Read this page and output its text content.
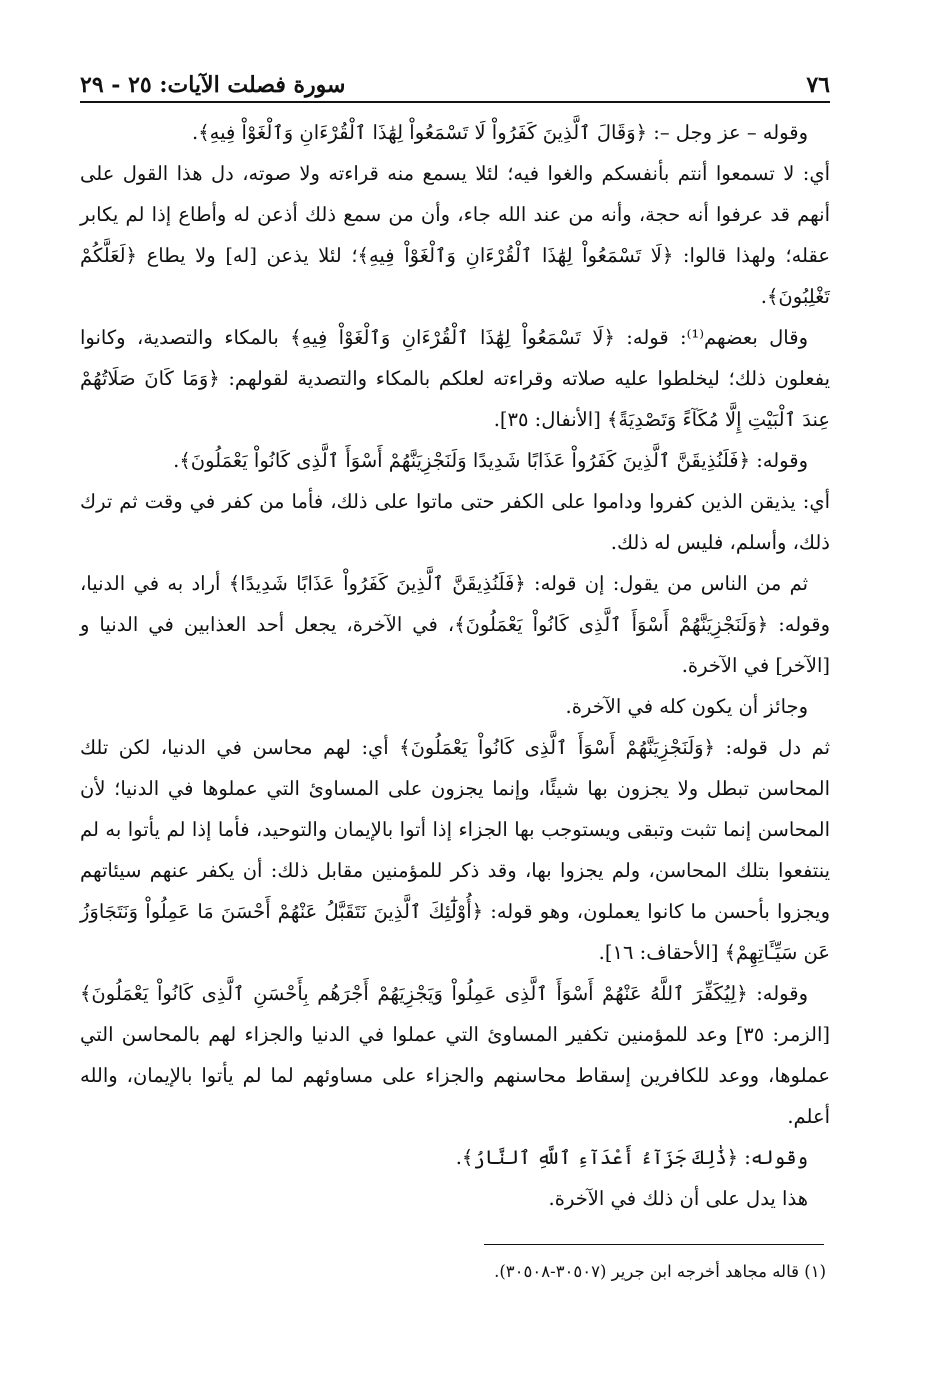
٧٦
سورة فصلت الآيات: ٢٥ - ٢٩

وقوله – عز وجل –: ﴿وَقَالَ ٱلَّذِينَ كَفَرُواْ لَا تَسْمَعُواْ لِهَٰذَا ٱلْقُرْءَانِ وَٱلْغَوْاْ فِيهِ﴾.

أي: لا تسمعوا أنتم بأنفسكم والغوا فيه؛ لئلا يسمع منه قراءته ولا صوته، دل هذا القول على أنهم قد عرفوا أنه حجة، وأنه من عند الله جاء، وأن من سمع ذلك أذعن له وأطاع إذا لم يكابر عقله؛ ولهذا قالوا: ﴿لَا تَسْمَعُواْ لِهَٰذَا ٱلْقُرْءَانِ وَٱلْغَوْاْ فِيهِ﴾؛ لئلا يذعن [له] ولا يطاع ﴿لَعَلَّكُمْ تَغْلِبُونَ﴾.

وقال بعضهم⁽¹⁾: قوله: ﴿لَا تَسْمَعُواْ لِهَٰذَا ٱلْقُرْءَانِ وَٱلْغَوْاْ فِيهِ﴾ بالمكاء والتصدية، وكانوا يفعلون ذلك؛ ليخلطوا عليه صلاته وقراءته لعلكم بالمكاء والتصدية لقولهم: ﴿وَمَا كَانَ صَلَاتُهُمْ عِندَ ٱلْبَيْتِ إِلَّا مُكَآءً وَتَصْدِيَةً﴾ [الأنفال: ٣٥].

وقوله: ﴿فَلَنُذِيقَنَّ ٱلَّذِينَ كَفَرُواْ عَذَابًا شَدِيدًا وَلَنَجْزِيَنَّهُمْ أَسْوَأَ ٱلَّذِى كَانُواْ يَعْمَلُونَ﴾.

أي: يذيقن الذين كفروا وداموا على الكفر حتى ماتوا على ذلك، فأما من كفر في وقت ثم ترك ذلك، وأسلم، فليس له ذلك.

ثم من الناس من يقول: إن قوله: ﴿فَلَنُذِيقَنَّ ٱلَّذِينَ كَفَرُواْ عَذَابًا شَدِيدًا﴾ أراد به في الدنيا، وقوله: ﴿وَلَنَجْزِيَنَّهُمْ أَسْوَأَ ٱلَّذِى كَانُواْ يَعْمَلُونَ﴾، في الآخرة، يجعل أحد العذابين في الدنيا و [الآخر] في الآخرة.

وجائز أن يكون كله في الآخرة.

ثم دل قوله: ﴿وَلَنَجْزِيَنَّهُمْ أَسْوَأَ ٱلَّذِى كَانُواْ يَعْمَلُونَ﴾ أي: لهم محاسن في الدنيا، لكن تلك المحاسن تبطل ولا يجزون بها شيئًا، وإنما يجزون على المساوئ التي عملوها في الدنيا؛ لأن المحاسن إنما تثبت وتبقى ويستوجب بها الجزاء إذا أتوا بالإيمان والتوحيد، فأما إذا لم يأتوا به لم ينتفعوا بتلك المحاسن، ولم يجزوا بها، وقد ذكر للمؤمنين مقابل ذلك: أن يكفر عنهم سيئاتهم ويجزوا بأحسن ما كانوا يعملون، وهو قوله: ﴿أُوْلَٰٓئِكَ ٱلَّذِينَ نَتَقَبَّلُ عَنْهُمْ أَحْسَنَ مَا عَمِلُواْ وَنَتَجَاوَزُ عَن سَيِّـَٔاتِهِمْ﴾ [الأحقاف: ١٦].

وقوله: ﴿لِيُكَفِّرَ ٱللَّهُ عَنْهُمْ أَسْوَأَ ٱلَّذِى عَمِلُواْ وَيَجْزِيَهُمْ أَجْرَهُم بِأَحْسَنِ ٱلَّذِى كَانُواْ يَعْمَلُونَ﴾ [الزمر: ٣٥] وعد للمؤمنين تكفير المساوئ التي عملوا في الدنيا والجزاء لهم بالمحاسن التي عملوها، ووعد للكافرين إسقاط محاسنهم والجزاء على مساوئهم لما لم يأتوا بالإيمان، والله أعلم.

وقوله: ﴿ذَٰلِكَ جَزَآءُ أَعْدَآءِ ٱللَّهِ ٱلنَّارُ﴾.

هذا يدل على أن ذلك في الآخرة.

(١) قاله مجاهد أخرجه ابن جرير (٣٠٥٠٧-٣٠٥٠٨).
